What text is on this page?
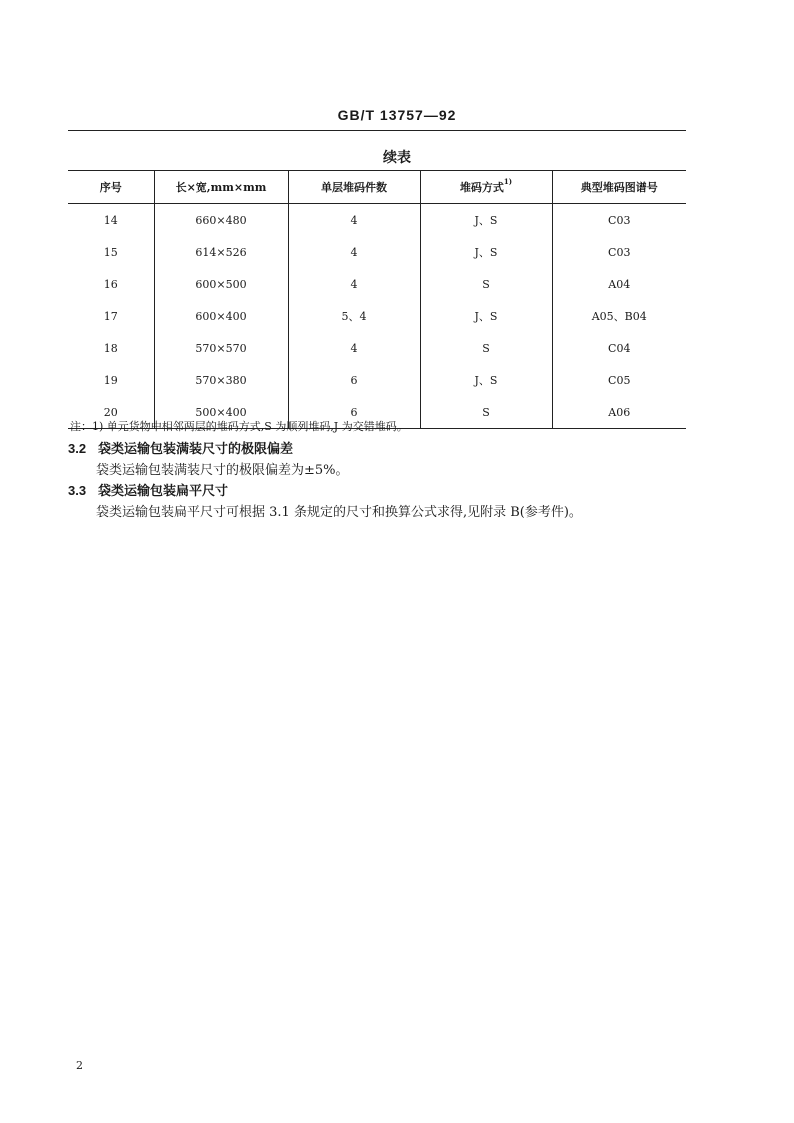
GB/T 13757—92
续表
序号	长×宽,mm×mm	单层堆码件数	堆码方式$^{1)}$	典型堆码图谱号
14	660×480	4	J、S	C03
15	614×526	4	J、S	C03
16	600×500	4	S	A04
17	600×400	5、4	J、S	A05、B04
18	570×570	4	S	C04
19	570×380	6	J、S	C05
20	500×400	6	S	A06
注：1) 单元货物中相邻两层的堆码方式,S 为顺列堆码,J 为交错堆码。
3.2 袋类运输包装满装尺寸的极限偏差
袋类运输包装满装尺寸的极限偏差为±5%。
3.3 袋类运输包装扁平尺寸
袋类运输包装扁平尺寸可根据 3.1 条规定的尺寸和换算公式求得,见附录 B(参考件)。
2
